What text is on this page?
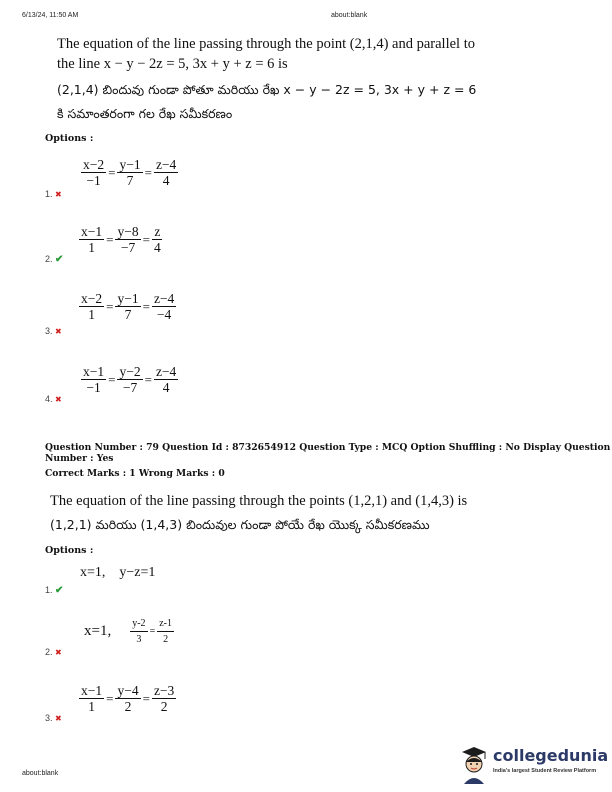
6/13/24, 11:50 AM	about:blank
The equation of the line passing through the point (2,1,4) and parallel to
the line x − y − 2z = 5, 3x + y + z = 6 is
(2,1,4) బిందువు గుండా పోతూ మరియు రేఖ x − y − 2z = 5, 3x + y + z = 6
కి సమాంతరంగా గల రేఖ సమీకరణం
Options :
$\frac{x-2}{-1} = \frac{y-1}{7} = \frac{z-4}{4}$
1. ✖
$\frac{x-1}{1} = \frac{y-8}{-7} = \frac{z}{4}$
2. ✔
$\frac{x-2}{1} = \frac{y-1}{7} = \frac{z-4}{-4}$
3. ✖
$\frac{x-1}{-1} = \frac{y-2}{-7} = \frac{z-4}{4}$
4. ✖
Question Number : 79 Question Id : 8732654912 Question Type : MCQ Option Shuffling : No Display Question
Number : Yes
Correct Marks : 1 Wrong Marks : 0
The equation of the line passing through the points (1,2,1) and (1,4,3) is
(1,2,1) మరియు (1,4,3) బిందువుల గుండా పోయే రేఖ యొక్క సమీకరణము
Options :
x=1, y−z=1
1. ✔
x=1, $\frac{y-2}{3} = \frac{z-1}{2}$
2. ✖
$\frac{x-1}{1} = \frac{y-4}{2} = \frac{z-3}{2}$
3. ✖
about:blank
collegedunia
India's largest Student Review Platform
